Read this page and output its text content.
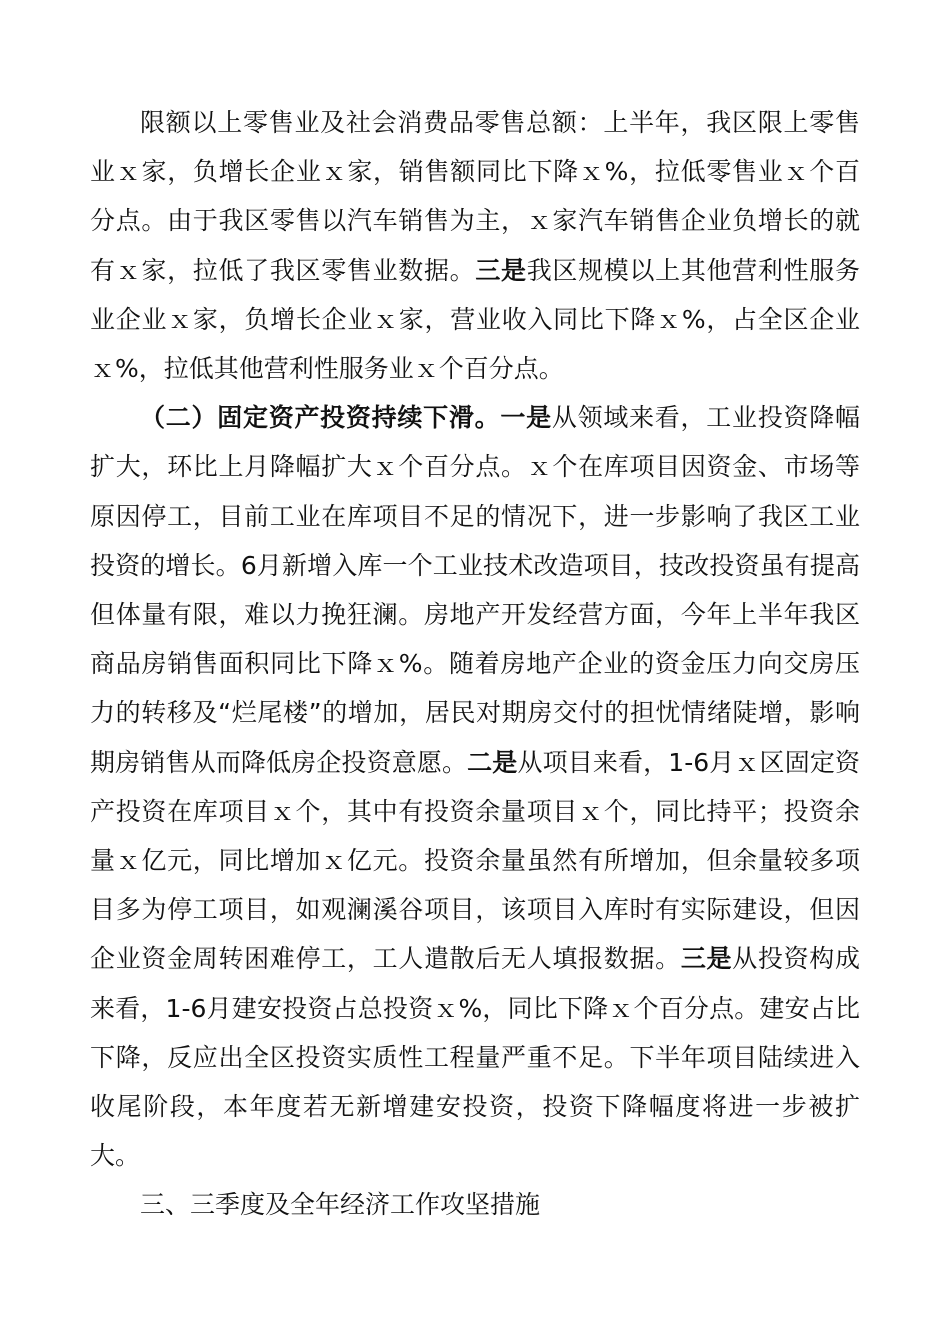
限额以上零售业及社会消费品零售总额：上半年，我区限上零售业ｘ家，负增长企业ｘ家，销售额同比下降ｘ%，拉低零售业ｘ个百分点。由于我区零售以汽车销售为主，ｘ家汽车销售企业负增长的就有ｘ家，拉低了我区零售业数据。三是我区规模以上其他营利性服务业企业ｘ家，负增长企业ｘ家，营业收入同比下降ｘ%，占全区企业ｘ%，拉低其他营利性服务业ｘ个百分点。

（二）固定资产投资持续下滑。一是从领域来看，工业投资降幅扩大，环比上月降幅扩大ｘ个百分点。ｘ个在库项目因资金、市场等原因停工，目前工业在库项目不足的情况下，进一步影响了我区工业投资的增长。6月新增入库一个工业技术改造项目，技改投资虽有提高但体量有限，难以力挽狂澜。房地产开发经营方面，今年上半年我区商品房销售面积同比下降ｘ%。随着房地产企业的资金压力向交房压力的转移及“烂尾楼”的增加，居民对期房交付的担忧情绪陡增，影响期房销售从而降低房企投资意愿。二是从项目来看，1-6月ｘ区固定资产投资在库项目ｘ个，其中有投资余量项目ｘ个，同比持平；投资余量ｘ亿元，同比增加ｘ亿元。投资余量虽然有所增加，但余量较多项目多为停工项目，如观澜溪谷项目，该项目入库时有实际建设，但因企业资金周转困难停工，工人遣散后无人填报数据。三是从投资构成来看，1-6月建安投资占总投资ｘ%，同比下降ｘ个百分点。建安占比下降，反应出全区投资实质性工程量严重不足。下半年项目陆续进入收尾阶段，本年度若无新增建安投资，投资下降幅度将进一步被扩大。

三、三季度及全年经济工作攻坚措施
